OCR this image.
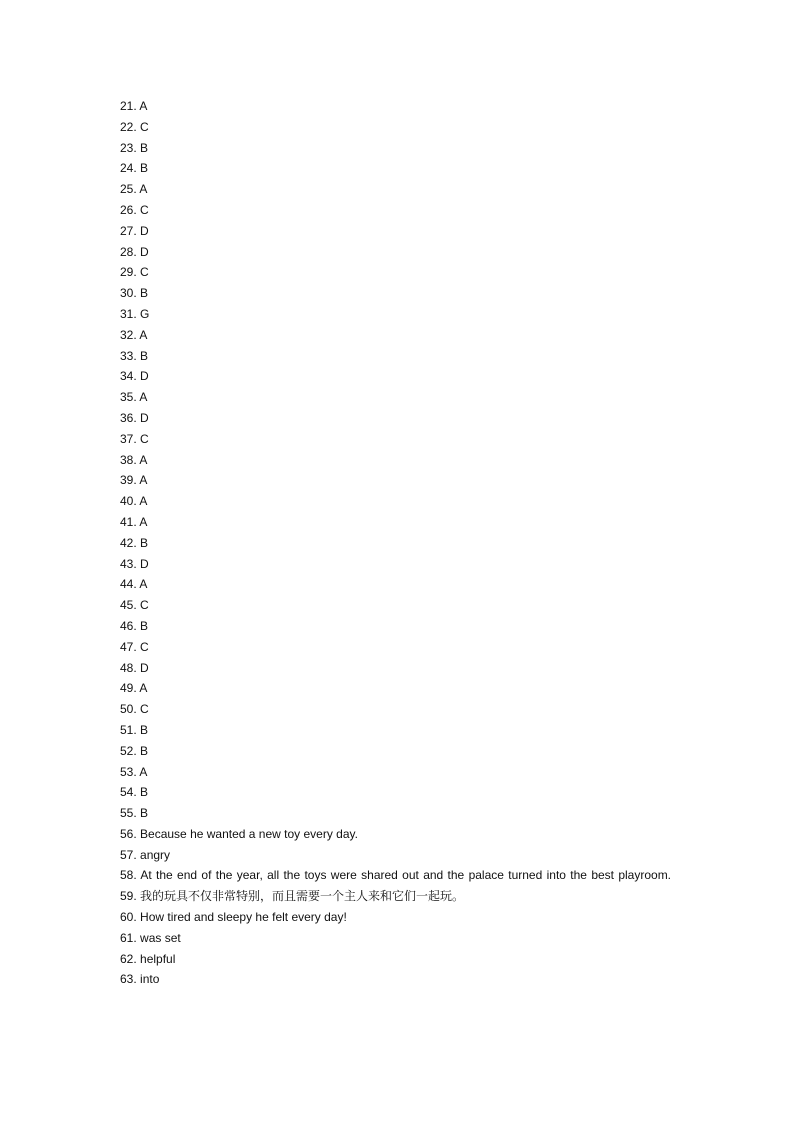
21. A
22. C
23. B
24. B
25. A
26. C
27. D
28. D
29. C
30. B
31. G
32. A
33. B
34. D
35. A
36. D
37. C
38. A
39. A
40. A
41. A
42. B
43. D
44. A
45. C
46. B
47. C
48. D
49. A
50. C
51. B
52. B
53. A
54. B
55. B
56. Because he wanted a new toy every day.
57. angry
58. At the end of the year, all the toys were shared out and the palace turned into the best playroom.
59. 我的玩具不仅非常特别，而且需要一个主人来和它们一起玩。
60. How tired and sleepy he felt every day!
61. was set
62. helpful
63. into
